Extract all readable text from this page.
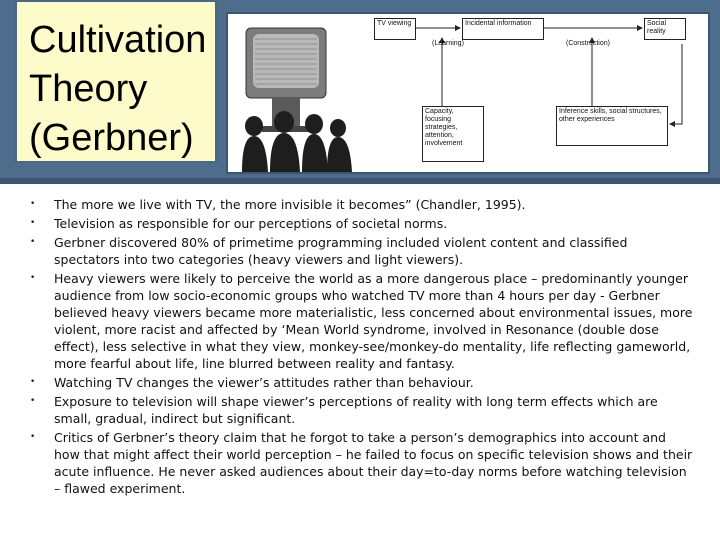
Cultivation
Theory
(Gerbner)
TV viewing	Incidental information	Social reality
(Learning)	(Construction)
Capacity, focusing strategies, attention, involvement
Inference skills, social structures, other experiences
• The more we live with TV, the more invisible it becomes” (Chandler, 1995).
• Television as responsible for our perceptions of societal norms.
• Gerbner discovered 80% of primetime programming included violent content and classified spectators into two categories (heavy viewers and light viewers).
• Heavy viewers were likely to perceive the world as a more dangerous place – predominantly younger audience from low socio-economic groups who watched TV more than 4 hours per day - Gerbner believed heavy viewers became more materialistic, less concerned about environmental issues, more violent, more racist and affected by ‘Mean World syndrome, involved in Resonance (double dose effect), less selective in what they view, monkey-see/monkey-do mentality, life reflecting gameworld, more fearful about life, line blurred between reality and fantasy.
• Watching TV changes the viewer’s attitudes rather than behaviour.
• Exposure to television will shape viewer’s perceptions of reality with long term effects which are small, gradual, indirect but significant.
• Critics of Gerbner’s theory claim that he forgot to take a person’s demographics into account and how that might affect their world perception – he failed to focus on specific television shows and their acute influence. He never asked audiences about their day=to-day norms before watching television – flawed experiment.
